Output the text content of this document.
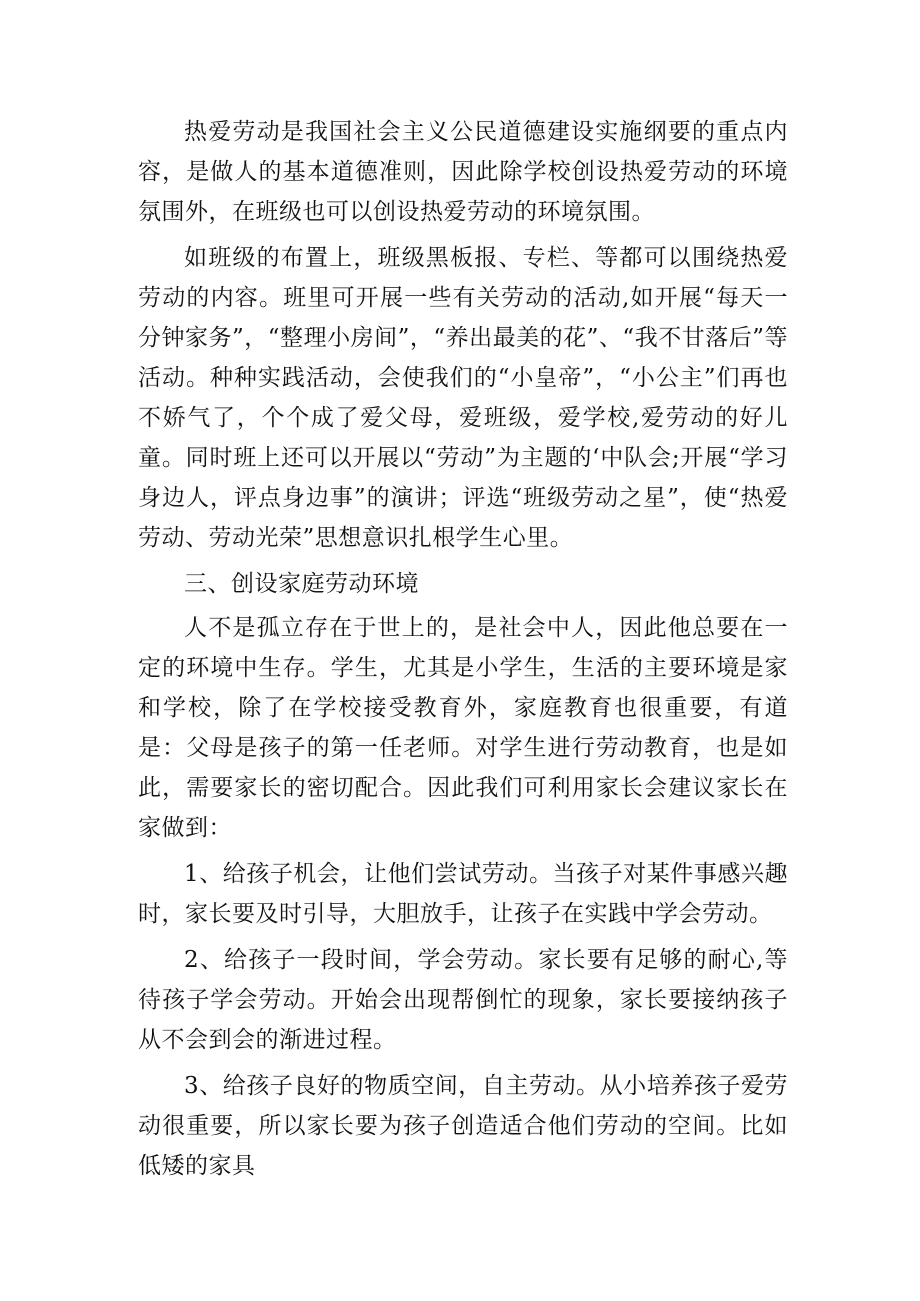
热爱劳动是我国社会主义公民道德建设实施纲要的重点内容，是做人的基本道德准则，因此除学校创设热爱劳动的环境氛围外，在班级也可以创设热爱劳动的环境氛围。

如班级的布置上，班级黑板报、专栏、等都可以围绕热爱劳动的内容。班里可开展一些有关劳动的活动,如开展“每天一分钟家务”，“整理小房间”，“养出最美的花”、“我不甘落后”等活动。种种实践活动，会使我们的“小皇帝”，“小公主”们再也不娇气了，个个成了爱父母，爱班级，爱学校,爱劳动的好儿童。同时班上还可以开展以“劳动”为主题的‘中队会;开展“学习身边人，评点身边事”的演讲；评选“班级劳动之星”，使“热爱劳动、劳动光荣”思想意识扎根学生心里。

三、创设家庭劳动环境

人不是孤立存在于世上的，是社会中人，因此他总要在一定的环境中生存。学生，尤其是小学生，生活的主要环境是家和学校，除了在学校接受教育外，家庭教育也很重要，有道是：父母是孩子的第一任老师。对学生进行劳动教育，也是如此，需要家长的密切配合。因此我们可利用家长会建议家长在家做到：

1、给孩子机会，让他们尝试劳动。当孩子对某件事感兴趣时，家长要及时引导，大胆放手，让孩子在实践中学会劳动。

2、给孩子一段时间，学会劳动。家长要有足够的耐心,等待孩子学会劳动。开始会出现帮倒忙的现象，家长要接纳孩子从不会到会的渐进过程。

3、给孩子良好的物质空间，自主劳动。从小培养孩子爱劳动很重要，所以家长要为孩子创造适合他们劳动的空间。比如低矮的家具
